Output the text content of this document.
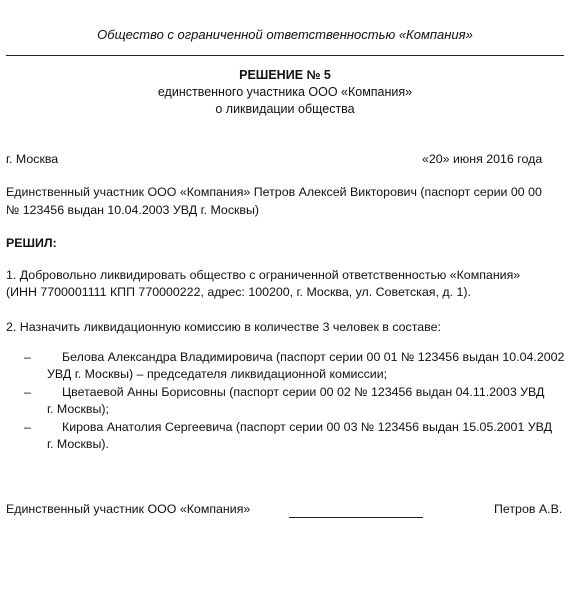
Общество с ограниченной ответственностью «Компания»
РЕШЕНИЕ № 5
единственного участника ООО «Компания»
о ликвидации общества
г. Москва	«20» июня 2016 года
Единственный участник ООО «Компания» Петров Алексей Викторович (паспорт серии 00 00
№ 123456 выдан 10.04.2003 УВД г. Москвы)
РЕШИЛ:
1. Добровольно ликвидировать общество с ограниченной ответственностью «Компания»
(ИНН 7700001111 КПП 770000222, адрес: 100200, г. Москва, ул. Советская, д. 1).
2. Назначить ликвидационную комиссию в количестве 3 человек в составе:
–	Белова Александра Владимировича (паспорт серии 00 01 № 123456 выдан 10.04.2002
УВД г. Москвы) – председателя ликвидационной комиссии;
–	Цветаевой Анны Борисовны (паспорт серии 00 02 № 123456 выдан 04.11.2003 УВД
г. Москвы);
–	Кирова Анатолия Сергеевича (паспорт серии 00 03 № 123456 выдан 15.05.2001 УВД
г. Москвы).
Единственный участник ООО «Компания»	Петров А.В.
